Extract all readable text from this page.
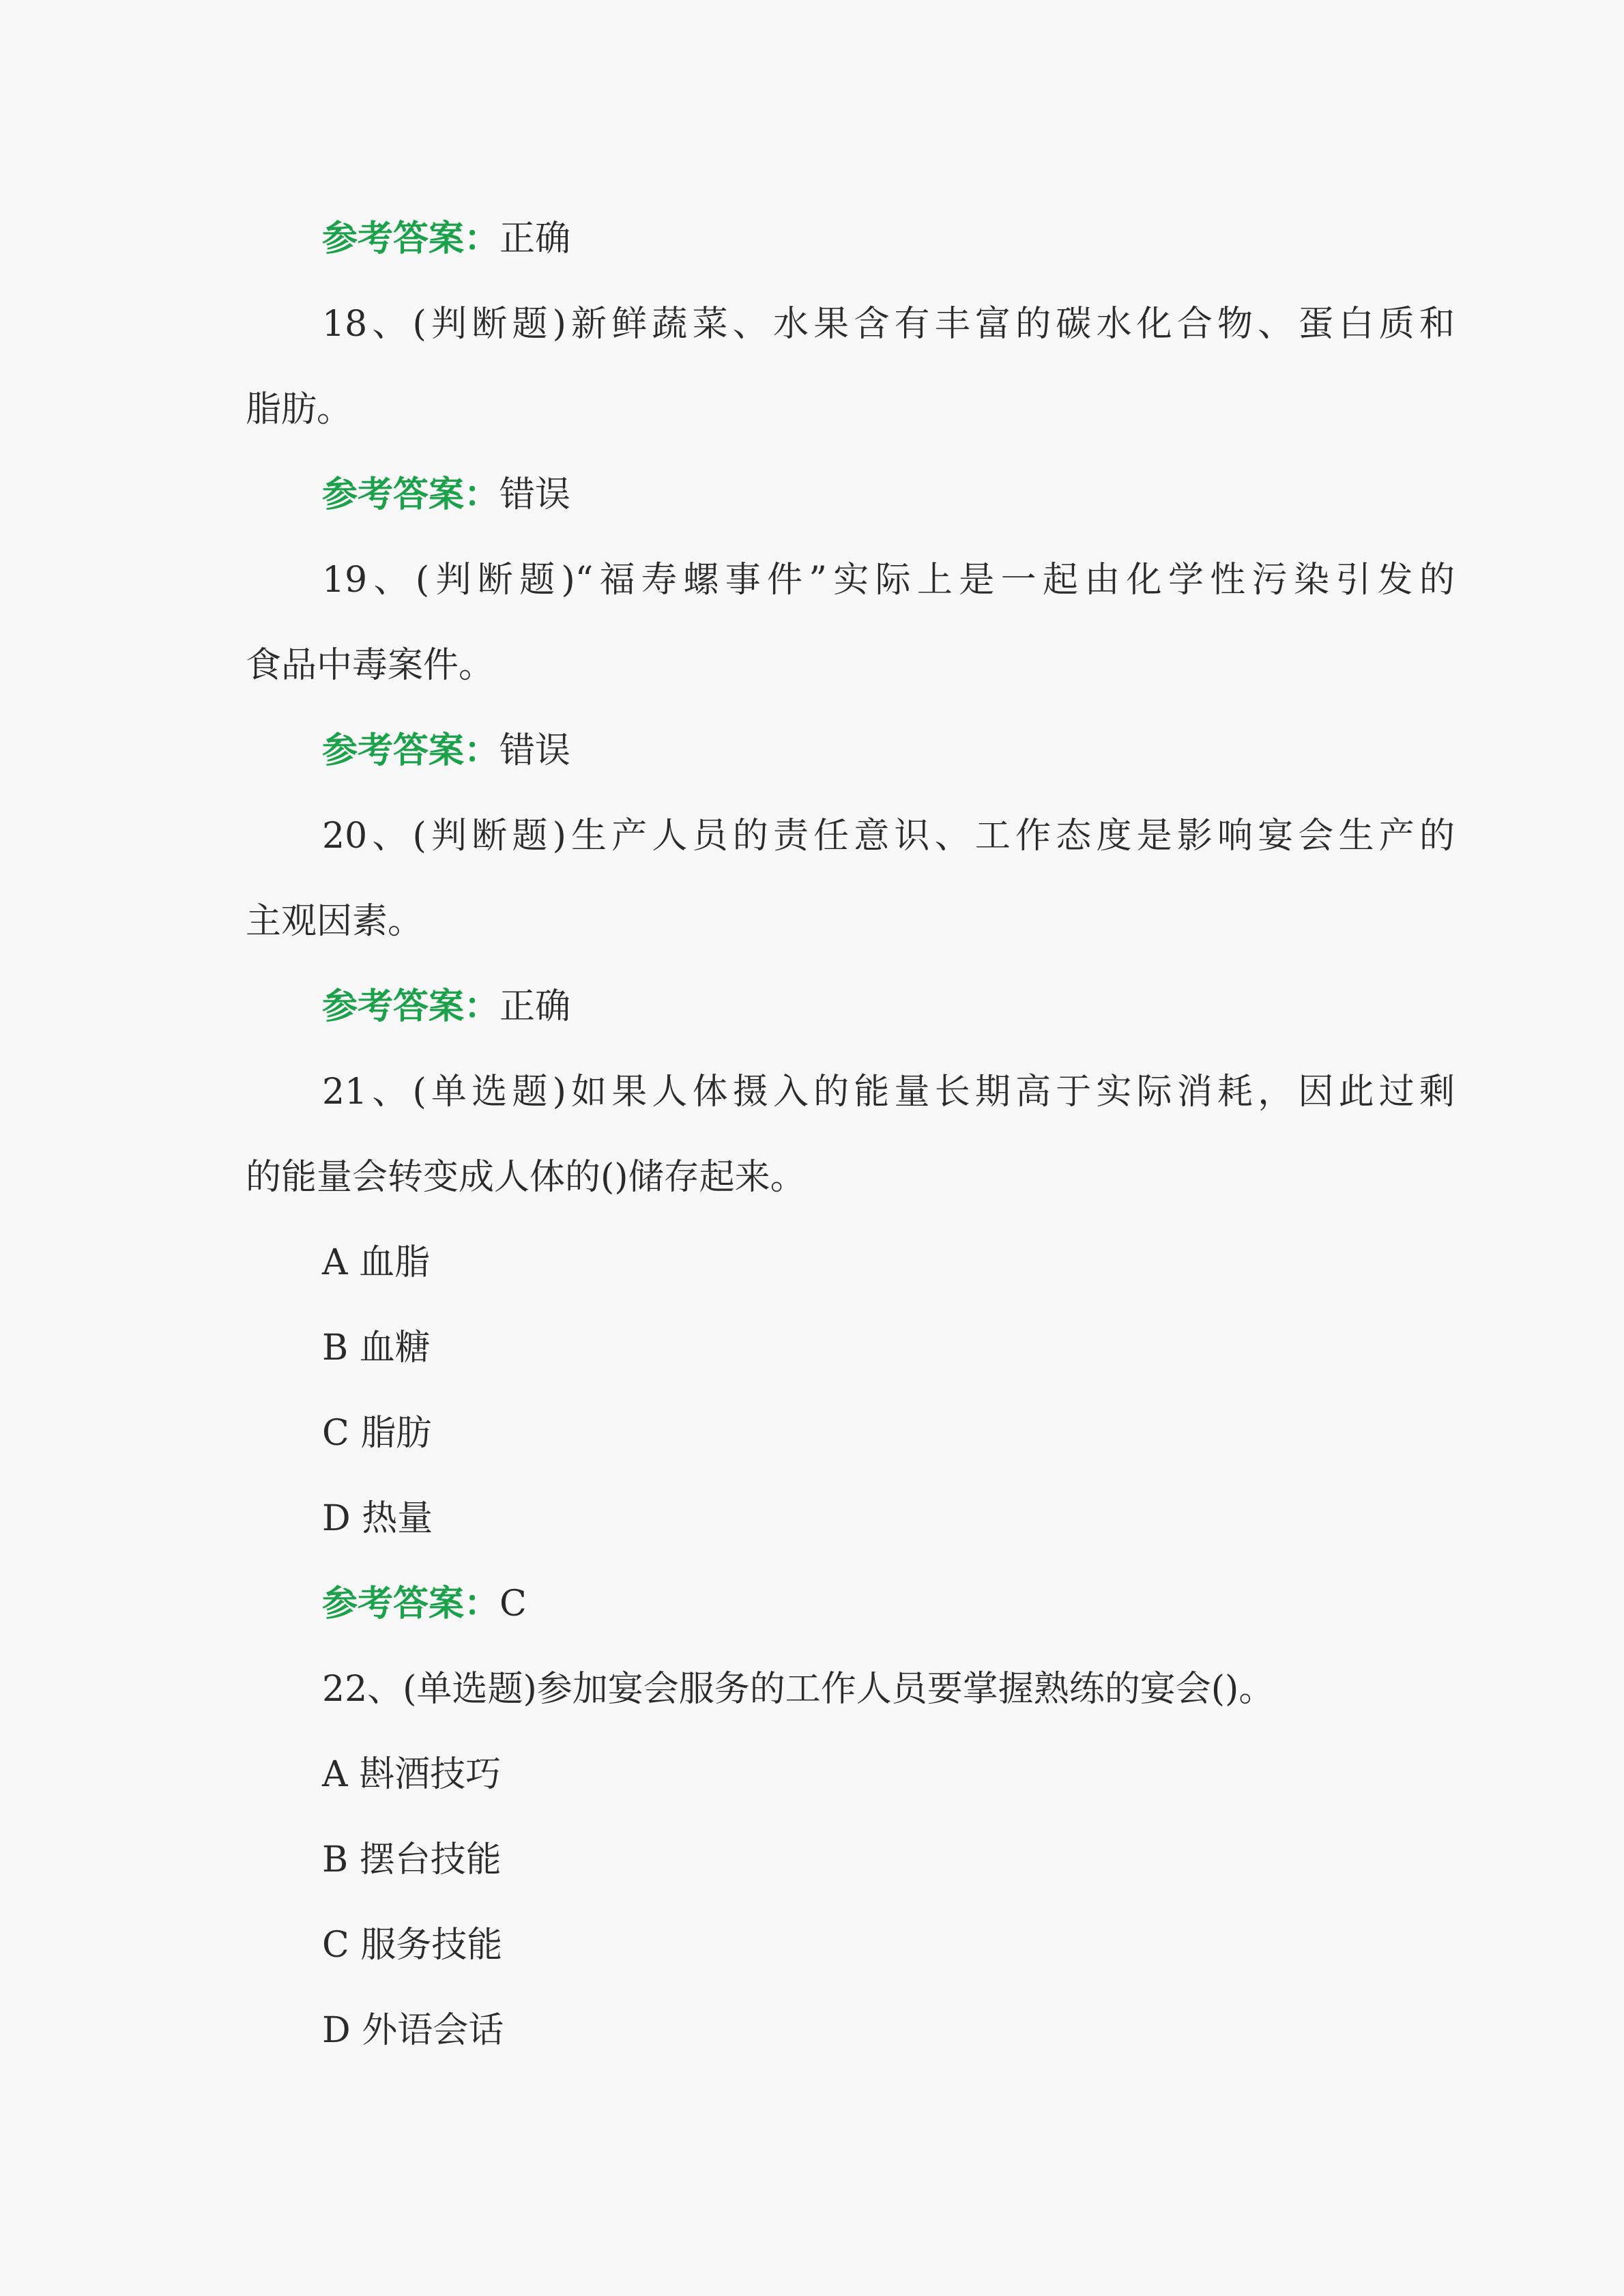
参考答案：正确
18、(判断题)新鲜蔬菜、水果含有丰富的碳水化合物、蛋白质和
脂肪。
参考答案：错误
19、(判断题)“福寿螺事件”实际上是一起由化学性污染引发的
食品中毒案件。
参考答案：错误
20、(判断题)生产人员的责任意识、工作态度是影响宴会生产的
主观因素。
参考答案：正确
21、(单选题)如果人体摄入的能量长期高于实际消耗，因此过剩
的能量会转变成人体的()储存起来。
A 血脂
B 血糖
C 脂肪
D 热量
参考答案：C
22、(单选题)参加宴会服务的工作人员要掌握熟练的宴会()。
A 斟酒技巧
B 摆台技能
C 服务技能
D 外语会话
